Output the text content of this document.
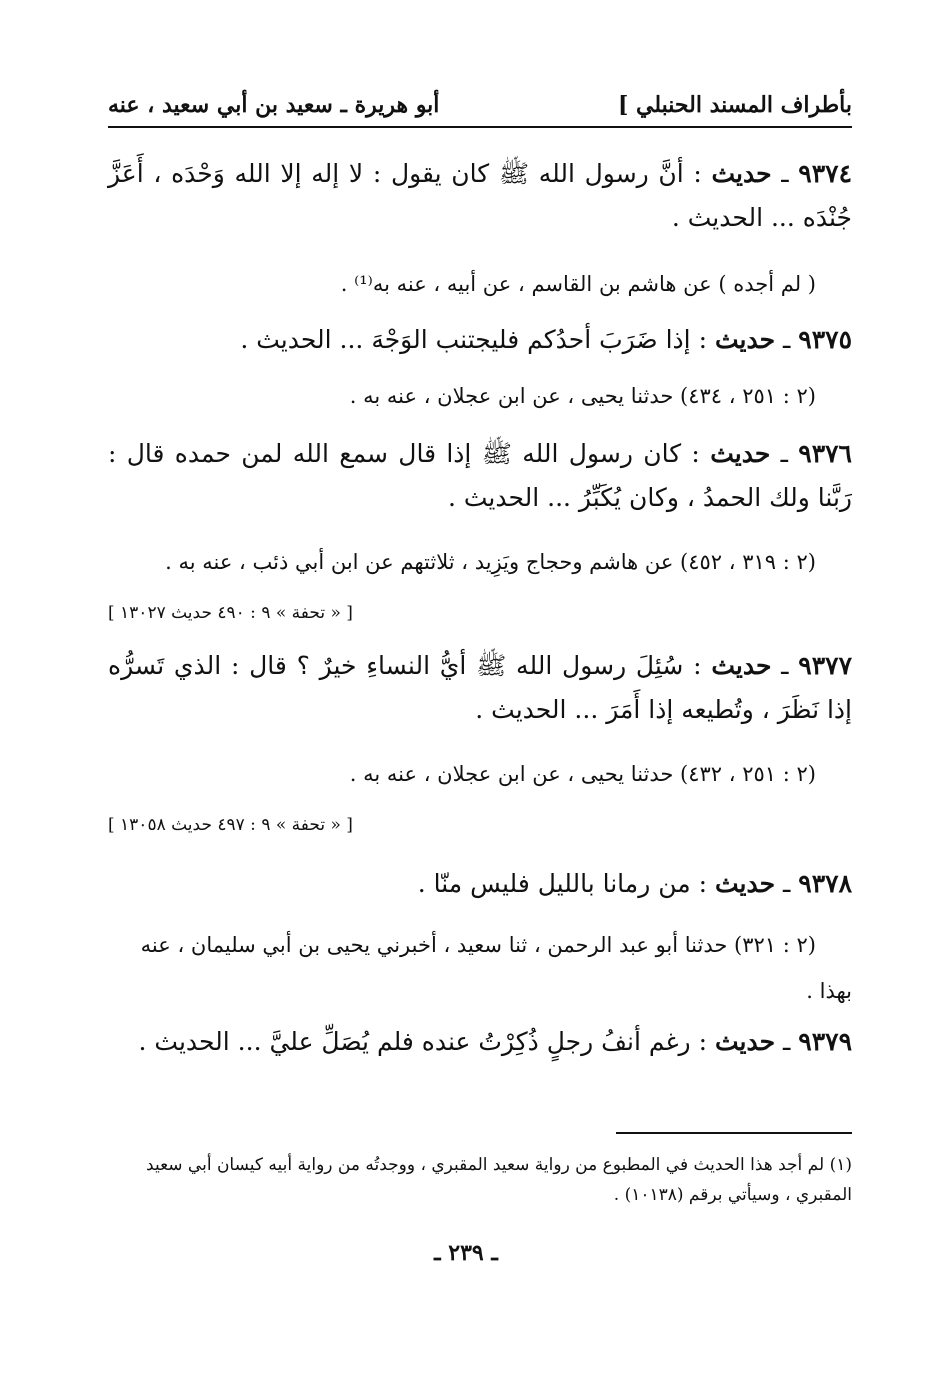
بأطراف المسند الحنبلي ]
أبو هريرة ـ سعيد بن أبي سعيد ، عنه
٩٣٧٤ ـ حديث : أنَّ رسول الله ﷺ كان يقول : لا إله إلا الله وَحْدَه ، أَعَزَّ جُنْدَه ... الحديث .
( لم أجده ) عن هاشم بن القاسم ، عن أبيه ، عنه به⁽¹⁾ .
٩٣٧٥ ـ حديث : إذا ضَرَبَ أحدُكم فليجتنب الوَجْهَ ... الحديث .
(٢ : ٢٥١ ، ٤٣٤) حدثنا يحيى ، عن ابن عجلان ، عنه به .
٩٣٧٦ ـ حديث : كان رسول الله ﷺ إذا قال سمع الله لمن حمده قال : رَبَّنا ولك الحمدُ ، وكان يُكَبِّرُ ... الحديث .
(٢ : ٣١٩ ، ٤٥٢) عن هاشم وحجاج ويَزِيد ، ثلاثتهم عن ابن أبي ذئب ، عنه به .
[ « تحفة » ٩ : ٤٩٠ حديث ١٣٠٢٧ ]
٩٣٧٧ ـ حديث : سُئِلَ رسول الله ﷺ أيُّ النساءِ خيرٌ ؟ قال : الذي تَسرُّه إذا نَظَرَ ، وتُطيعه إذا أَمَرَ ... الحديث .
(٢ : ٢٥١ ، ٤٣٢) حدثنا يحيى ، عن ابن عجلان ، عنه به .
[ « تحفة » ٩ : ٤٩٧ حديث ١٣٠٥٨ ]
٩٣٧٨ ـ حديث : من رمانا بالليل فليس منّا .
(٢ : ٣٢١) حدثنا أبو عبد الرحمن ، ثنا سعيد ، أخبرني يحيى بن أبي سليمان ، عنه بهذا .
٩٣٧٩ ـ حديث : رغم أنفُ رجلٍ ذُكِرْتُ عنده فلم يُصَلِّ عليَّ ... الحديث .
(١) لم أجد هذا الحديث في المطبوع من رواية سعيد المقبري ، ووجدتُه من رواية أبيه كيسان أبي سعيد المقبري ، وسيأتي برقم (١٠١٣٨) .
ـ ٢٣٩ ـ
